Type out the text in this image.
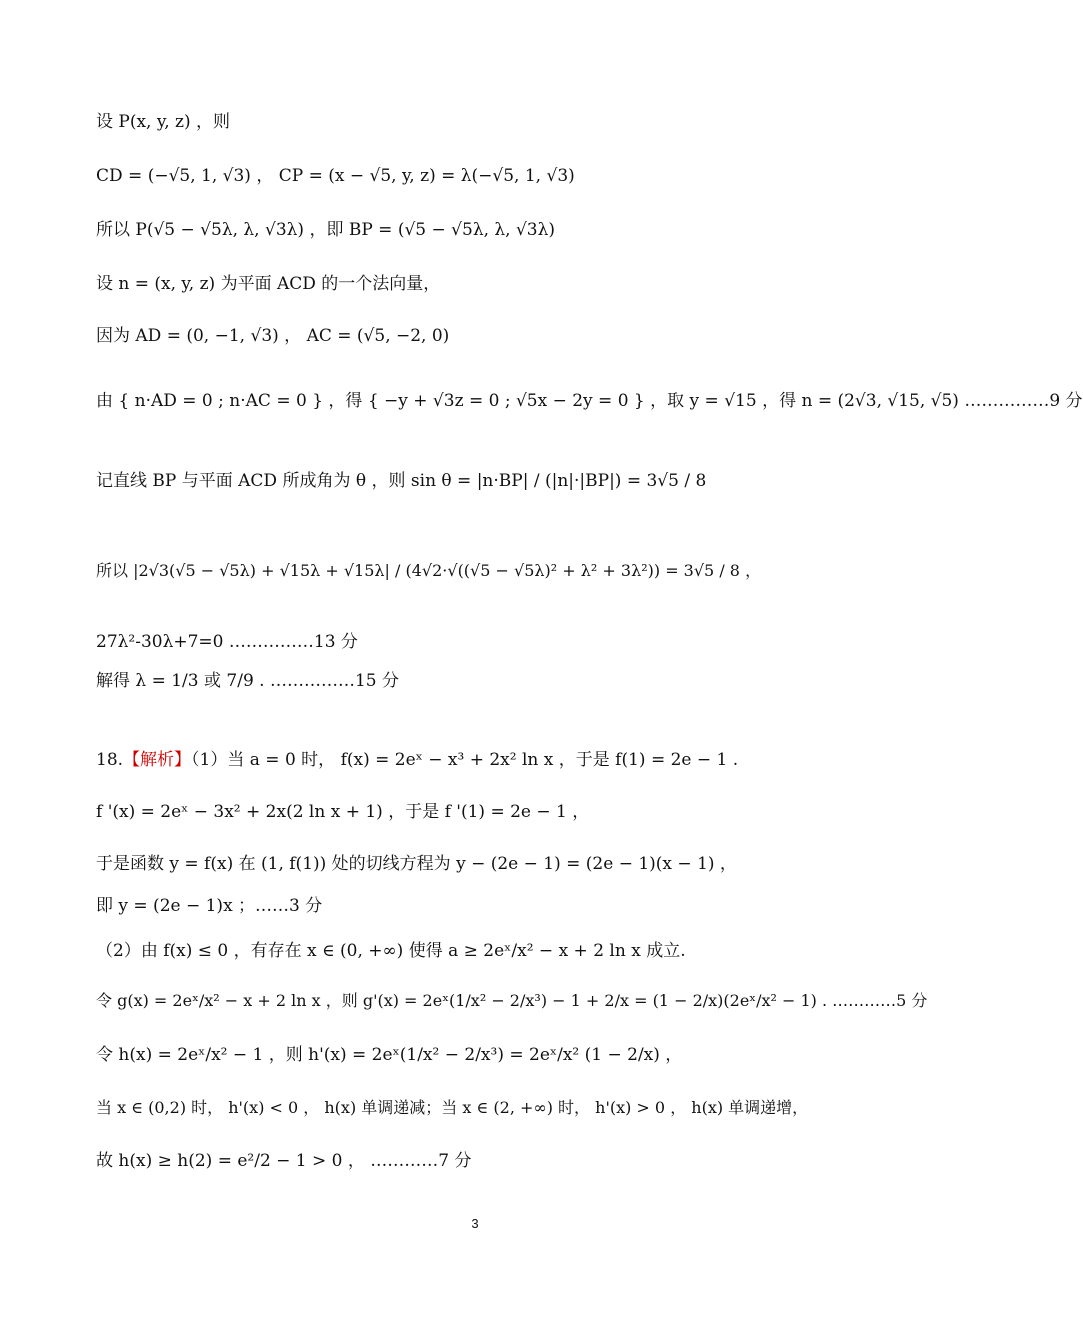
设 P(x, y, z) ，则
CD = (−√5, 1, √3) ， CP = (x − √5, y, z) = λ(−√5, 1, √3)
所以 P(√5 − √5λ, λ, √3λ) ，即 BP = (√5 − √5λ, λ, √3λ)
设 n = (x, y, z) 为平面 ACD 的一个法向量，
因为 AD = (0, −1, √3) ， AC = (√5, −2, 0)
由 { n·AD = 0 ; n·AC = 0 } ，得 { −y + √3z = 0 ; √5x − 2y = 0 } ，取 y = √15 ，得 n = (2√3, √15, √5) ……………9 分
记直线 BP 与平面 ACD 所成角为 θ ，则 sin θ = |n·BP| / (|n|·|BP|) = 3√5 / 8
所以 |2√3(√5 − √5λ) + √15λ + √15λ| / (4√2·√((√5 − √5λ)² + λ² + 3λ²)) = 3√5 / 8 ，
27λ²-30λ+7=0 ……………13 分
解得 λ = 1/3 或 7/9 . ……………15 分
18.【解析】（1）当 a = 0 时， f(x) = 2eˣ − x³ + 2x² ln x ，于是 f(1) = 2e − 1 .
f '(x) = 2eˣ − 3x² + 2x(2 ln x + 1) ，于是 f '(1) = 2e − 1 ，
于是函数 y = f(x) 在 (1, f(1)) 处的切线方程为 y − (2e − 1) = (2e − 1)(x − 1) ，
即 y = (2e − 1)x ；……3 分
（2）由 f(x) ≤ 0 ，有存在 x ∈ (0, +∞) 使得 a ≥ 2eˣ/x² − x + 2 ln x 成立.
令 g(x) = 2eˣ/x² − x + 2 ln x ，则 g'(x) = 2eˣ(1/x² − 2/x³) − 1 + 2/x = (1 − 2/x)(2eˣ/x² − 1) . …………5 分
令 h(x) = 2eˣ/x² − 1 ，则 h'(x) = 2eˣ(1/x² − 2/x³) = 2eˣ/x² (1 − 2/x) ，
当 x ∈ (0,2) 时， h'(x) < 0 ， h(x) 单调递减；当 x ∈ (2, +∞) 时， h'(x) > 0 ， h(x) 单调递增，
故 h(x) ≥ h(2) = e²/2 − 1 > 0 ， …………7 分
3
